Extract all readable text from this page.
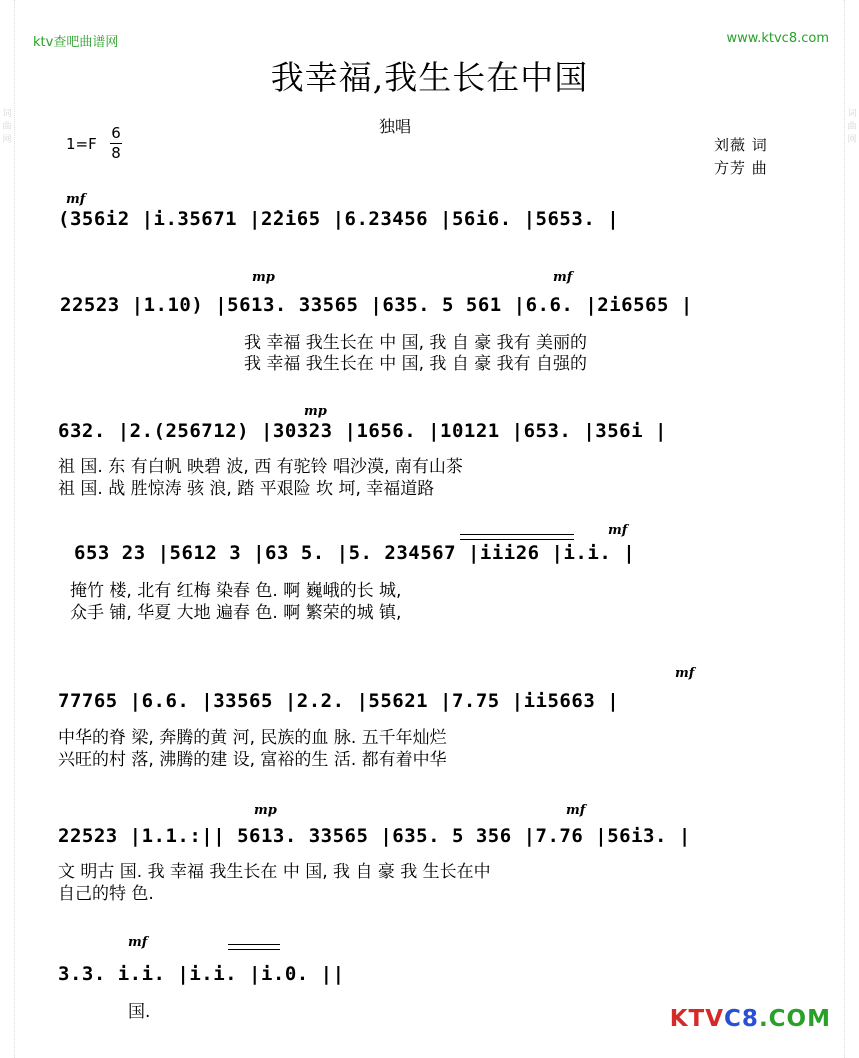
词
曲
网
词
曲
网
ktv查吧曲谱网	www.ktvc8.com
我幸福,我生长在中国
独唱
1=F
6
8	刘薇 词
方芳 曲
mf
(356i2 |i.35671 |2̇2̇i65 |6.23456 |56i6. |5653. |
mp	mf
22523 |1.10) |5613. 33565 |635. 5 561 |6.6. |2i6565 |
我 幸福 我生长在 中 国, 我 自 豪 我有 美丽的
我 幸福 我生长在 中 国, 我 自 豪 我有 自强的
mp
632. |2.(256712) |30323 |1656. |10121 |653. |356i |
祖 国. 东 有白帆 映碧 波, 西 有驼铃 唱沙漠, 南有山茶
祖 国. 战 胜惊涛 骇 浪, 踏 平艰险 坎 坷, 幸福道路
mf
653 23 |5612 3 |63 5. |5. 234567 |iii26 |i.i. |
掩竹 楼, 北有 红梅 染春 色. 啊 巍峨的长 城,
众手 铺, 华夏 大地 遍春 色. 啊 繁荣的城 镇,
mf
77765 |6.6. |33565 |2.2. |55621 |7.75 |ii5663 |
中华的脊 梁, 奔腾的黄 河, 民族的血 脉. 五千年灿烂
兴旺的村 落, 沸腾的建 设, 富裕的生 活. 都有着中华
mp	mf
22523 |1.1.:|| 5613. 33565 |635. 5 356 |7.76 |56i3. |
文 明古 国. 我 幸福 我生长在 中 国, 我 自 豪 我 生长在中
自己的特 色.
mf
3.3. i.i. |i.i. |i.0. ||
国.	KTVC8.COM
